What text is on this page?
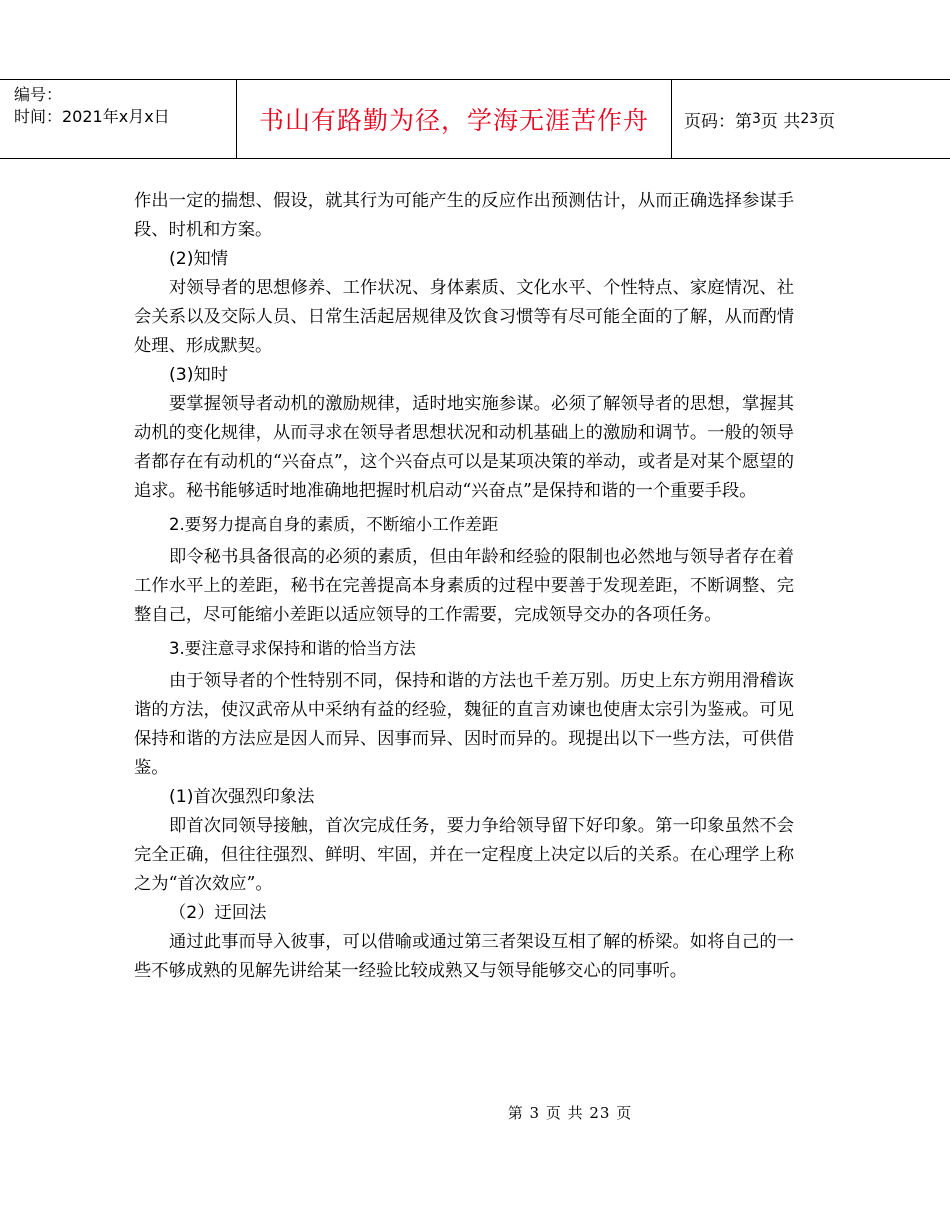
编号：
时间：2021年x月x日	书山有路勤为径，学海无涯苦作舟 页码：第 3 页 共 23 页

作出一定的揣想、假设，就其行为可能产生的反应作出预测估计，从而正确选择参谋手段、时机和方案。

(2)知情

对领导者的思想修养、工作状况、身体素质、文化水平、个性特点、家庭情况、社会关系以及交际人员、日常生活起居规律及饮食习惯等有尽可能全面的了解，从而酌情处理、形成默契。

(3)知时

要掌握领导者动机的激励规律，适时地实施参谋。必须了解领导者的思想，掌握其动机的变化规律，从而寻求在领导者思想状况和动机基础上的激励和调节。一般的领导者都存在有动机的“兴奋点”，这个兴奋点可以是某项决策的举动，或者是对某个愿望的追求。秘书能够适时地准确地把握时机启动“兴奋点”是保持和谐的一个重要手段。

2.要努力提高自身的素质，不断缩小工作差距

即令秘书具备很高的必须的素质，但由年龄和经验的限制也必然地与领导者存在着工作水平上的差距，秘书在完善提高本身素质的过程中要善于发现差距，不断调整、完整自己，尽可能缩小差距以适应领导的工作需要，完成领导交办的各项任务。

3.要注意寻求保持和谐的恰当方法

由于领导者的个性特别不同，保持和谐的方法也千差万别。历史上东方朔用滑稽诙谐的方法，使汉武帝从中采纳有益的经验，魏征的直言劝谏也使唐太宗引为鉴戒。可见保持和谐的方法应是因人而异、因事而异、因时而异的。现提出以下一些方法，可供借鉴。

(1)首次强烈印象法

即首次同领导接触，首次完成任务，要力争给领导留下好印象。第一印象虽然不会完全正确，但往往强烈、鲜明、牢固，并在一定程度上决定以后的关系。在心理学上称之为“首次效应”。

（2）迂回法

通过此事而导入彼事，可以借喻或通过第三者架设互相了解的桥梁。如将自己的一些不够成熟的见解先讲给某一经验比较成熟又与领导能够交心的同事听。

第 3 页 共 23 页
